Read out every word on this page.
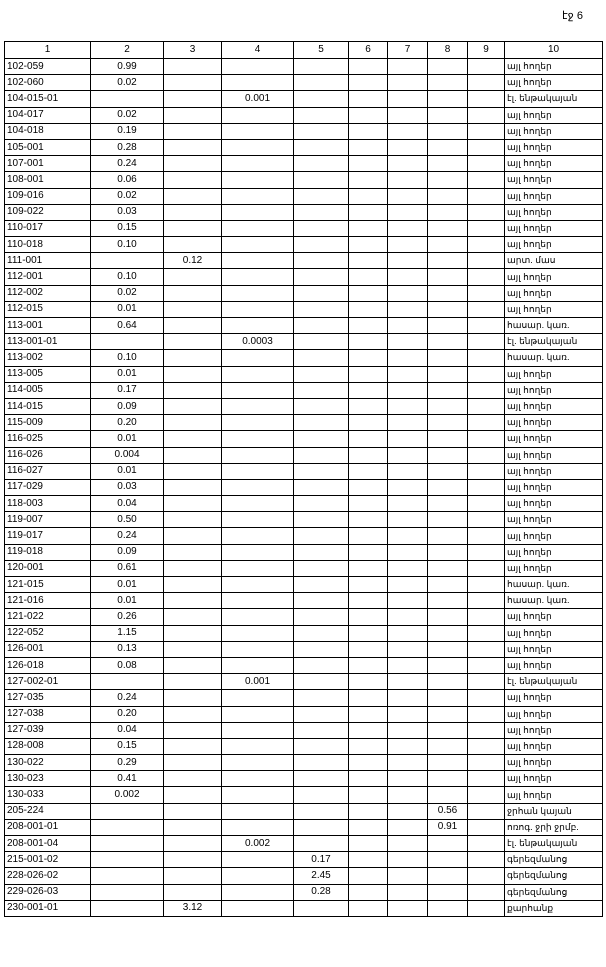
էջ 6
1	2	3	4	5	6	7	8	9	10
102-059	0.99								այլ հողեր
102-060	0.02								այլ հողեր
104-015-01			0.001						էլ. ենթակայան
104-017	0.02								այլ հողեր
104-018	0.19								այլ հողեր
105-001	0.28								այլ հողեր
107-001	0.24								այլ հողեր
108-001	0.06								այլ հողեր
109-016	0.02								այլ հողեր
109-022	0.03								այլ հողեր
110-017	0.15								այլ հողեր
110-018	0.10								այլ հողեր
111-001		0.12							արտ. մաս
112-001	0.10								այլ հողեր
112-002	0.02								այլ հողեր
112-015	0.01								այլ հողեր
113-001	0.64								հասար. կառ.
113-001-01			0.0003						էլ. ենթակայան
113-002	0.10								հասար. կառ.
113-005	0.01								այլ հողեր
114-005	0.17								այլ հողեր
114-015	0.09								այլ հողեր
115-009	0.20								այլ հողեր
116-025	0.01								այլ հողեր
116-026	0.004								այլ հողեր
116-027	0.01								այլ հողեր
117-029	0.03								այլ հողեր
118-003	0.04								այլ հողեր
119-007	0.50								այլ հողեր
119-017	0.24								այլ հողեր
119-018	0.09								այլ հողեր
120-001	0.61								այլ հողեր
121-015	0.01								հասար. կառ.
121-016	0.01								հասար. կառ.
121-022	0.26								այլ հողեր
122-052	1.15								այլ հողեր
126-001	0.13								այլ հողեր
126-018	0.08								այլ հողեր
127-002-01			0.001						էլ. ենթակայան
127-035	0.24								այլ հողեր
127-038	0.20								այլ հողեր
127-039	0.04								այլ հողեր
128-008	0.15								այլ հողեր
130-022	0.29								այլ հողեր
130-023	0.41								այլ հողեր
130-033	0.002								այլ հողեր
205-224							0.56		ջրհան կայան
208-001-01							0.91		ոռոգ. ջրի ջրմբ.
208-001-04			0.002						էլ. ենթակայան
215-001-02				0.17					գերեզմանոց
228-026-02				2.45					գերեզմանոց
229-026-03				0.28					գերեզմանոց
230-001-01		3.12							քարհանք
